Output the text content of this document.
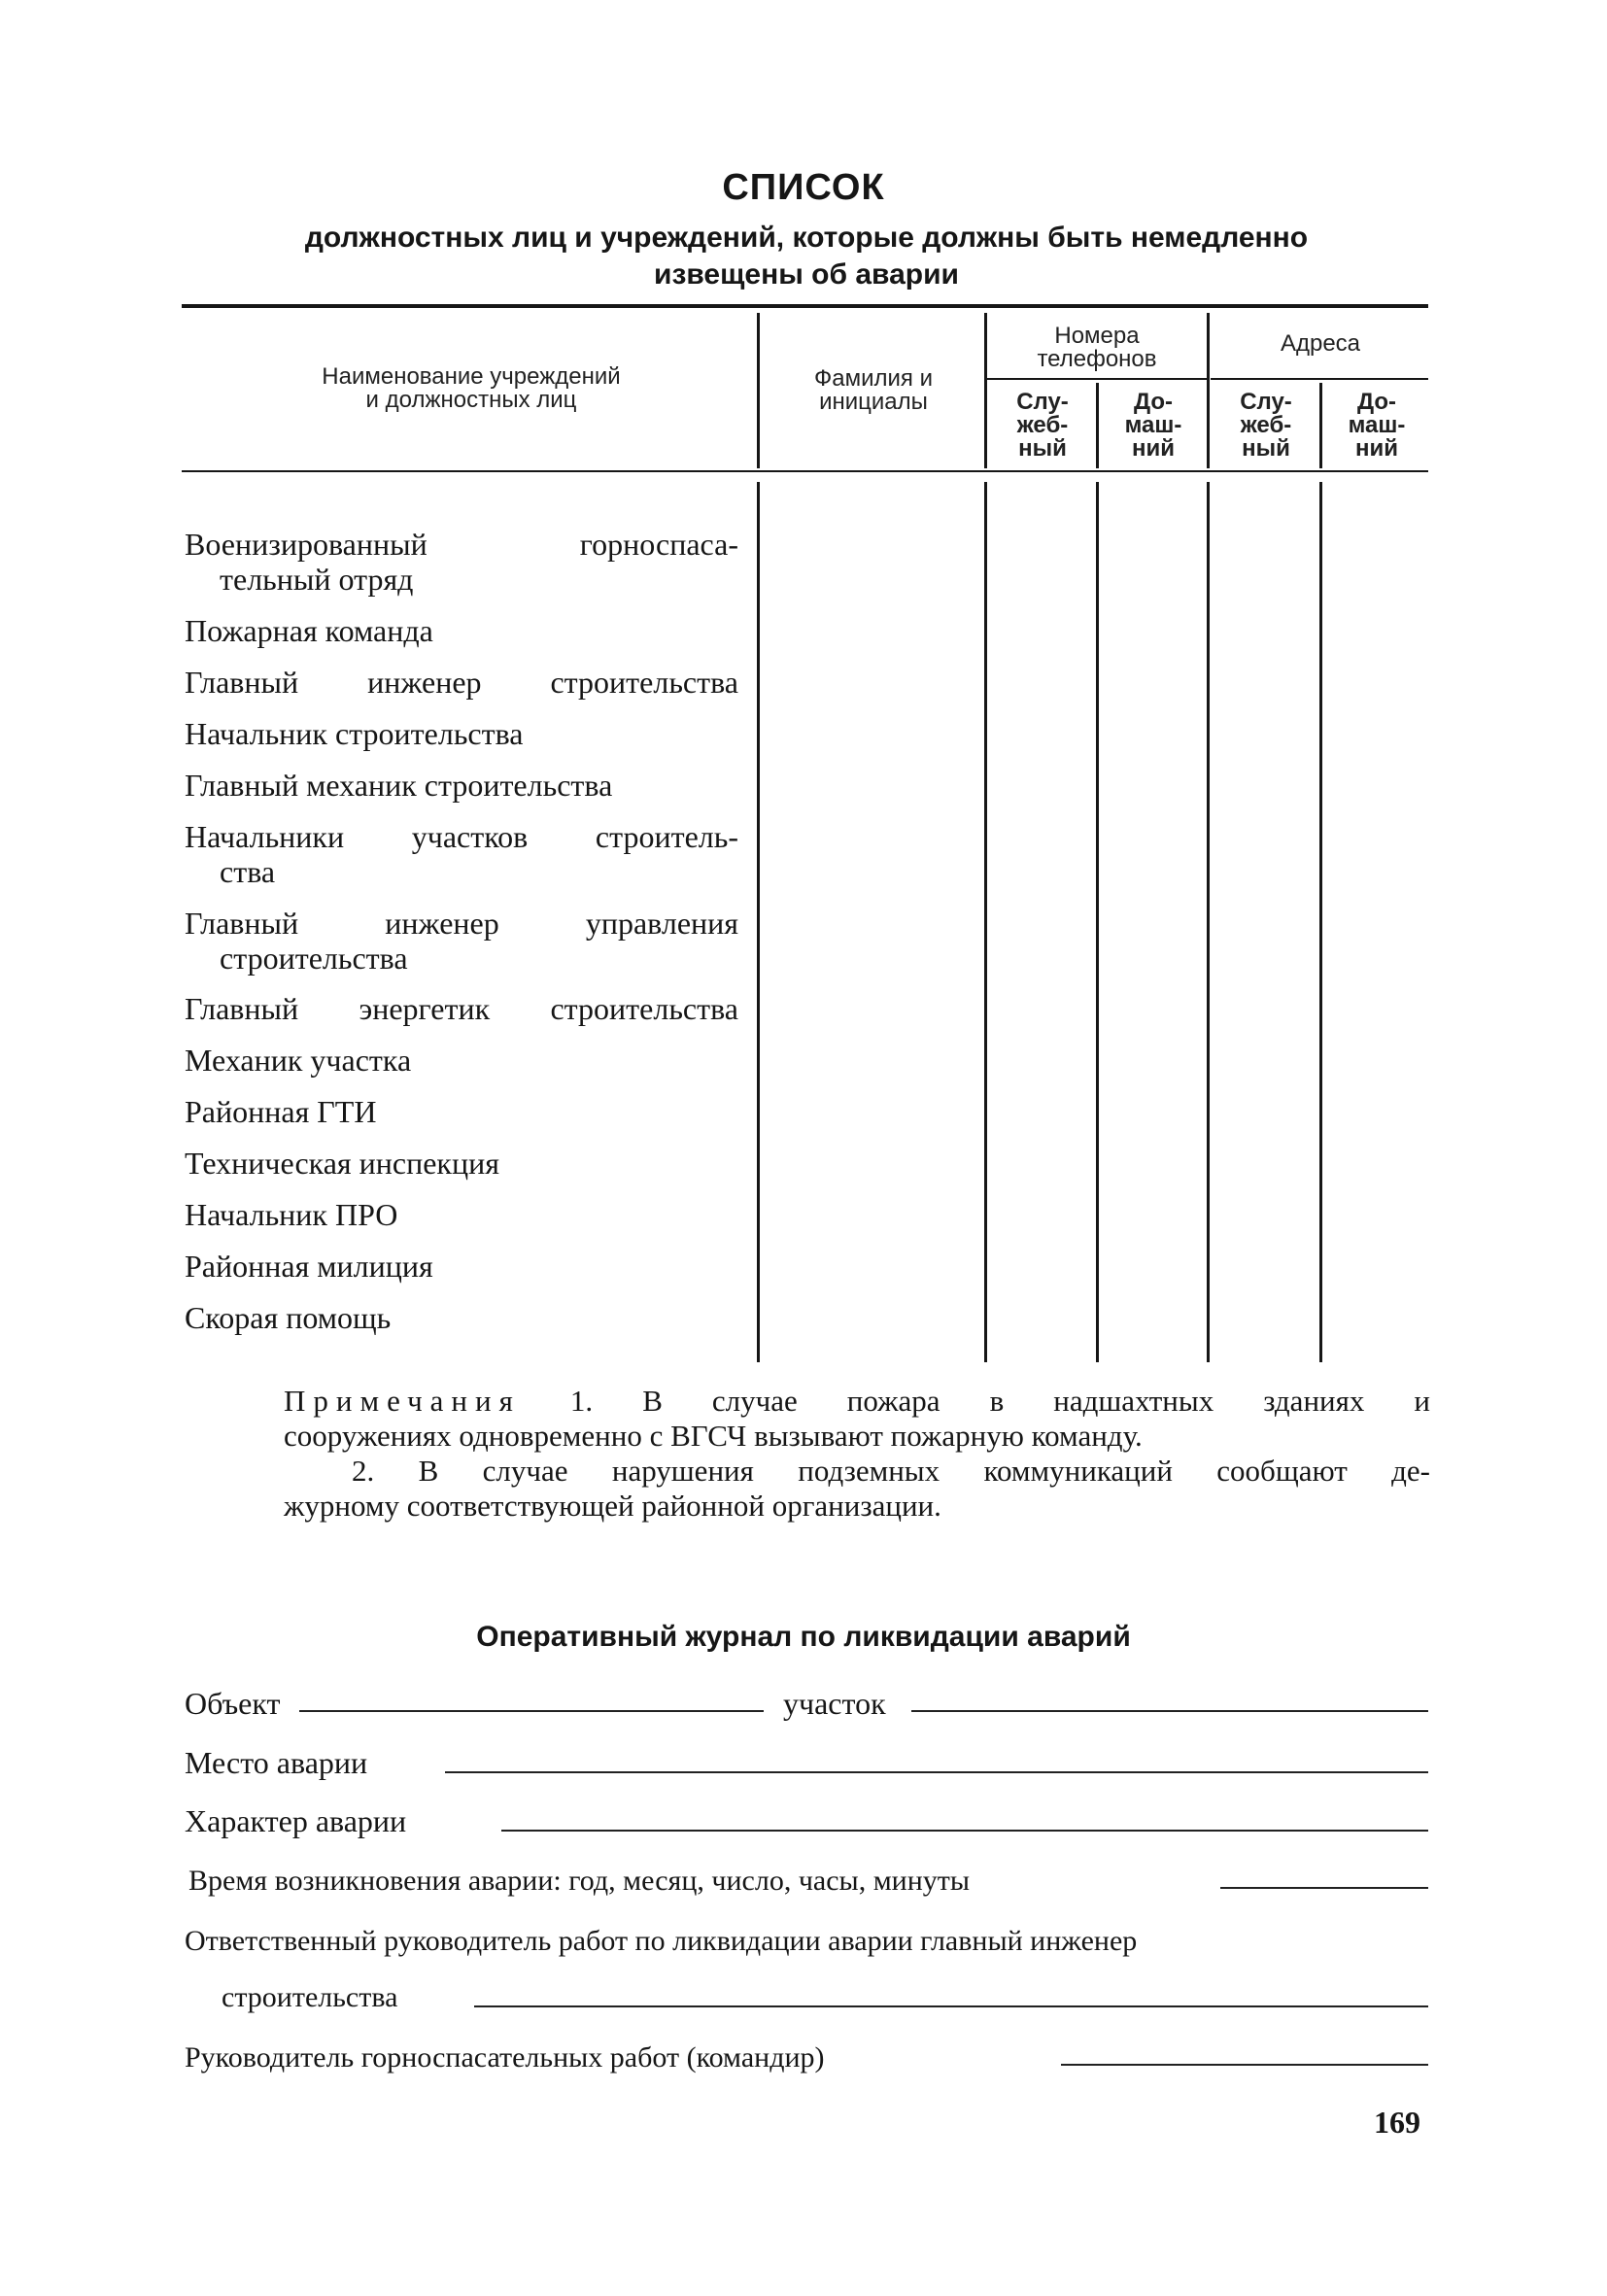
СПИСОК
должностных лиц и учреждений, которые должны быть немедленно
извещены об аварии
Наименование учреждений
и должностных лиц
Фамилия и
инициалы
Номера
телефонов
Адреса
Слу-
жеб-
ный
До-
маш-
ний
Слу-
жеб-
ный
До-
маш-
ний
Военизированный горноспаса-
тельный отряд
Пожарная команда
Главный инженер строительства
Начальник строительства
Главный механик строительства
Начальники участков строитель-
ства
Главный инженер управления
строительства
Главный энергетик строительства
Механик участка
Районная ГТИ
Техническая инспекция
Начальник ПРО
Районная милиция
Скорая помощь
Примечания 1. В случае пожара в надшахтных зданиях и
сооружениях одновременно с ВГСЧ вызывают пожарную команду.
2. В случае нарушения подземных коммуникаций сообщают де-
журному соответствующей районной организации.
Оперативный журнал по ликвидации аварий
Объект	участок
Место аварии
Характер аварии
Время возникновения аварии: год, месяц, число, часы, минуты
Ответственный руководитель работ по ликвидации аварии главный инженер
строительства
Руководитель горноспасательных работ (командир)
169
